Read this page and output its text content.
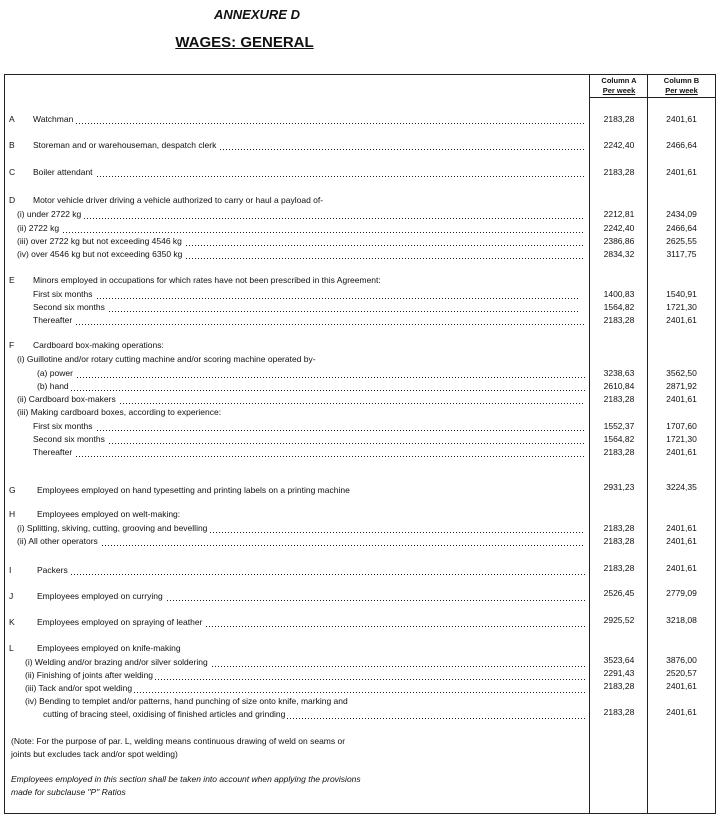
ANNEXURE D
WAGES: GENERAL
Column A
Per week
Column B
Per week
A Watchman	2183,28	2401,61
B Storeman and or warehouseman, despatch clerk	2242,40	2466,64
C Boiler attendant	2183,28	2401,61
D Motor vehicle driver driving a vehicle authorized to carry or haul a payload of-
(i) under 2722 kg	2212,81	2434,09
(ii) 2722 kg	2242,40	2466,64
(iii) over 2722 kg but not exceeding 4546 kg	2386,86	2625,55
(iv) over 4546 kg but not exceeding 6350 kg	2834,32	3117,75
E Minors employed in occupations for which rates have not been prescribed in this Agreement:
First six months	1400,83	1540,91
Second six months	1564,82	1721,30
Thereafter	2183,28	2401,61
F Cardboard box-making operations:
(i) Guillotine and/or rotary cutting machine and/or scoring machine operated by-
(a) power	3238,63	3562,50
(b) hand	2610,84	2871,92
(ii) Cardboard box-makers	2183,28	2401,61
(iii) Making cardboard boxes, according to experience:
First six months	1552,37	1707,60
Second six months	1564,82	1721,30
Thereafter	2183,28	2401,61
G	Employees employed on hand typesetting and printing labels on a printing machine	2931,23	3224,35
H	Employees employed on welt-making:
(i) Splitting, skiving, cutting, grooving and bevelling	2183,28	2401,61
(ii) All other operators	2183,28	2401,61
I	Packers	2183,28	2401,61
J	Employees employed on currying	2526,45	2779,09
K	Employees employed on spraying of leather	2925,52	3218,08
L	Employees employed on knife-making
(i) Welding and/or brazing and/or silver soldering	3523,64	3876,00
(ii) Finishing of joints after welding	2291,43	2520,57
(iii) Tack and/or spot welding	2183,28	2401,61
(iv) Bending to templet and/or patterns, hand punching of size onto knife, marking and
cutting of bracing steel, oxidising of finished articles and grinding	2183,28	2401,61
(Note: For the purpose of par. L, welding means continuous drawing of weld on seams or
joints but excludes tack and/or spot welding)
Employees employed in this section shall be taken into account when applying the provisions
made for subclause "P" Ratios
